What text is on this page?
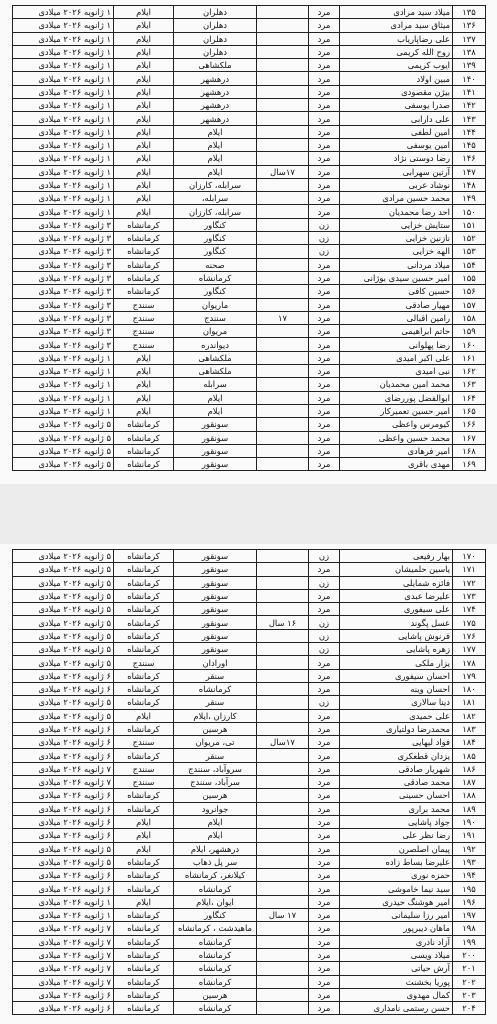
۱۳۵	میلاد سید مرادی	مرد		دهلران	ایلام	۱ ژانویه ۲۰۲۶ میلادی
۱۳۶	میثاق سید مرادی	مرد		دهلران	ایلام	۱ ژانویه ۲۰۲۶ میلادی
۱۳۷	علی رضاپاریاب	مرد		دهلران	ایلام	۱ ژانویه ۲۰۲۶ میلادی
۱۳۸	روح الله کریمی	مرد		دهلران	ایلام	۱ ژانویه ۲۰۲۶ میلادی
۱۳۹	ایوب کریمی	مرد		ملکشاهی	ایلام	۱ ژانویه ۲۰۲۶ میلادی
۱۴۰	مبین اولاد	مرد		درهشهر	ایلام	۱ ژانویه ۲۰۲۶ میلادی
۱۴۱	بیژن مقصودی	مرد		درهشهر	ایلام	۱ ژانویه ۲۰۲۶ میلادی
۱۴۲	صدرا یوسفی	مرد		درهشهر	ایلام	۱ ژانویه ۲۰۲۶ میلادی
۱۴۳	علی دارابی	مرد		درهشهر	ایلام	۱ ژانویه ۲۰۲۶ میلادی
۱۴۴	امین لطفی	مرد		ایلام	ایلام	۱ ژانویه ۲۰۲۶ میلادی
۱۴۵	امین یوسفی	مرد		ایلام	ایلام	۱ ژانویه ۲۰۲۶ میلادی
۱۴۶	رضا دوستی نژاد	مرد		ایلام	ایلام	۱ ژانویه ۲۰۲۶ میلادی
۱۴۷	آرتین سهرابی	مرد	۱۷سال	ایلام	ایلام	۱ ژانویه ۲۰۲۶ میلادی
۱۴۸	نوشاد عربی	مرد		سرابله، کارزان	ایلام	۱ ژانویه ۲۰۲۶ میلادی
۱۴۹	محمد حسین مرادی	مرد		سرابله،	ایلام	۱ ژانویه ۲۰۲۶ میلادی
۱۵۰	احد رضا محمدیان	مرد		سرابله، کارزان	ایلام	۱ ژانویه ۲۰۲۶ میلادی
۱۵۱	ستایش خزایی	زن		کنگاور	کرمانشاه	۳ ژانویه ۲۰۲۶ میلادی
۱۵۲	نازنین خزایی	زن		کنگاور	کرمانشاه	۳ ژانویه ۲۰۲۶ میلادی
۱۵۳	الهه خزایی	زن		کنگاور	کرمانشاه	۳ ژانویه ۲۰۲۶ میلادی
۱۵۴	میلاد مردانی	مرد		صحنه	کرمانشاه	۳ ژانویه ۲۰۲۶ میلادی
۱۵۵	امیر حسین سیدی بوژانی	مرد		کرمانشاه	کرمانشاه	۳ ژانویه ۲۰۲۶ میلادی
۱۵۶	حسین کافی	مرد		کنگاور	کرمانشاه	۳ ژانویه ۲۰۲۶ میلادی
۱۵۷	مهیار صادقی	مرد		ماریوان	سنندج	۳ ژانویه ۲۰۲۶ میلادی
۱۵۸	رامین اقبالی	مرد	۱۷	سنندج	سنندج	۳ ژانویه ۲۰۲۶ میلادی
۱۵۹	حاتم ابراهیمی	مرد		مریوان	سنندج	۳ ژانویه ۲۰۲۶ میلادی
۱۶۰	رضا پهلوانی	مرد		دیواندره	سنندج	۳ ژانویه ۲۰۲۶ میلادی
۱۶۱	علی اکبر امیدی	مرد		ملکشاهی	ایلام	۱ ژانویه ۲۰۲۶ میلادی
۱۶۲	نبی امیدی	مرد		ملکشاهی	ایلام	۱ ژانویه ۲۰۲۶ میلادی
۱۶۳	محمد امین محمدیان	مرد		سرابله	ایلام	۱ ژانویه ۲۰۲۶ میلادی
۱۶۴	ابوالفضل پوررضای	مرد		ایلام	ایلام	۱ ژانویه ۲۰۲۶ میلادی
۱۶۵	امیر حسین تعمیرکار	مرد		ایلام	ایلام	۱ ژانویه ۲۰۲۶ میلادی
۱۶۶	کیومرس واعظی	مرد		سونقور	کرمانشاه	۵ ژانویه ۲۰۲۶ میلادی
۱۶۷	محمد حسین واعظی	مرد		سونقور	کرمانشاه	۵ ژانویه ۲۰۲۶ میلادی
۱۶۸	امیر فرهادی	مرد		سونقور	کرمانشاه	۵ ژانویه ۲۰۲۶ میلادی
۱۶۹	مهدی باقری	مرد		سونقور	کرمانشاه	۵ ژانویه ۲۰۲۶ میلادی
۱۷۰	بهار رفیعی	زن		سونقور	کرمانشاه	۵ ژانویه ۲۰۲۶ میلادی
۱۷۱	یاسین حلمیشان	مرد		سونقور	کرمانشاه	۵ ژانویه ۲۰۲۶ میلادی
۱۷۲	فائزه شمایلی	زن		سونقور	کرمانشاه	۵ ژانویه ۲۰۲۶ میلادی
۱۷۳	علیرضا عبدی	مرد		سونقور	کرمانشاه	۵ ژانویه ۲۰۲۶ میلادی
۱۷۴	علی سیفوری	مرد		سونقور	کرمانشاه	۵ ژانویه ۲۰۲۶ میلادی
۱۷۵	عسل پگوند	زن	۱۶ سال	سونقور	کرمانشاه	۵ ژانویه ۲۰۲۶ میلادی
۱۷۶	فرنوش پاشایی	زن		سونقور	کرمانشاه	۵ ژانویه ۲۰۲۶ میلادی
۱۷۷	زهره پاشایی	زن		سونقور	کرمانشاه	۵ ژانویه ۲۰۲۶ میلادی
۱۷۸	یزار ملکی	مرد		اورادان	سنندج	۵ ژانویه ۲۰۲۶ میلادی
۱۷۹	احسان سیفوری	مرد		سنقر	کرمانشاه	۶ ژانویه ۲۰۲۶ میلادی
۱۸۰	احسان وینه	مرد		کرمانشاه	کرمانشاه	۶ ژانویه ۲۰۲۶ میلادی
۱۸۱	دینا سالاری	زن		سنقر	کرمانشاه	۵ ژانویه ۲۰۲۶ میلادی
۱۸۲	علی حمیدی	مرد		کارزان ،ایلام	ایلام	۵ ژانویه ۲۰۲۶ میلادی
۱۸۳	محمدرضا دولتیاری	مرد		هرسین	کرمانشاه	۶ ژانویه ۲۰۲۶ میلادی
۱۸۴	فواد لیهایی	مرد	۱۷سال	تی، مریوان	سنندج	۶ ژانویه ۲۰۲۶ میلادی
۱۸۵	یزدان قطعکری	مرد		سنقر	کرمانشاه	۶ ژانویه ۲۰۲۶ میلادی
۱۸۶	شهریار صادقی	مرد		سروآباد، سنندج	سنندج	۷ ژانویه ۲۰۲۶ میلادی
۱۸۷	محمد صادقی	مرد		سرآباد، سنندج	سنندج	۷ ژانویه ۲۰۲۶ میلادی
۱۸۸	احسان حسینی	مرد		هرسین	کرمانشاه	۶ ژانویه ۲۰۲۶ میلادی
۱۸۹	محمد براری	مرد		جوانرود	کرمانشاه	۶ ژانویه ۲۰۲۶ میلادی
۱۹۰	جواد پاشایی	مرد		ایلام	ایلام	۶ ژانویه ۲۰۲۶ میلادی
۱۹۱	رضا نظر علی	مرد		ایلام	ایلام	۶ ژانویه ۲۰۲۶ میلادی
۱۹۲	پیمان اصلصرن	مرد		درهشهر، ایلام	ایلام	۵ ژانویه ۲۰۲۶ میلادی
۱۹۳	علیرضا بساط زاده	مرد		سر پل ذهاب	کرمانشاه	۵ ژانویه ۲۰۲۶ میلادی
۱۹۴	حمزه نوری	مرد		کیلانغر، کرمانشاه	کرمانشاه	۶ ژانویه ۲۰۲۶ میلادی
۱۹۵	سید نیما خاموشی	مرد		کرمانشاه	کرمانشاه	۶ ژانویه ۲۰۲۶ میلادی
۱۹۶	امیر هوشنگ حیدری	مرد		ایوان ،ایلام	ایلام	۱ ژانویه ۲۰۲۶ میلادی
۱۹۷	امیر رزا سلیمانی	مرد	۱۷ سال	کنگاور	کرمانشاه	۱ ژانویه ۲۰۲۶ میلادی
۱۹۸	ماهان دیبرپور	مرد		ماهیدشت ، کرمانشاه	کرمانشاه	۷ ژانویه ۲۰۲۶ میلادی
۱۹۹	آزاد نادری	مرد		کرمانشاه	کرمانشاه	۷ ژانویه ۲۰۲۶ میلادی
۲۰۰	میلاد ویسی	مرد		کرمانشاه	کرمانشاه	۷ ژانویه ۲۰۲۶ میلادی
۲۰۱	آرش حیاتی	مرد		کرمانشاه	کرمانشاه	۷ ژانویه ۲۰۲۶ میلادی
۲۰۲	پوریا بخشنت	مرد		کرمانشاه	کرمانشاه	۷ ژانویه ۲۰۲۶ میلادی
۲۰۳	کمال مهدوی	مرد		هرسین	کرمانشاه	۶ ژانویه ۲۰۲۶ میلادی
۲۰۴	حسن رستمی نامداری	مرد		کرمانشاه	کرمانشاه	۶ ژانویه ۲۰۲۶ میلادی
